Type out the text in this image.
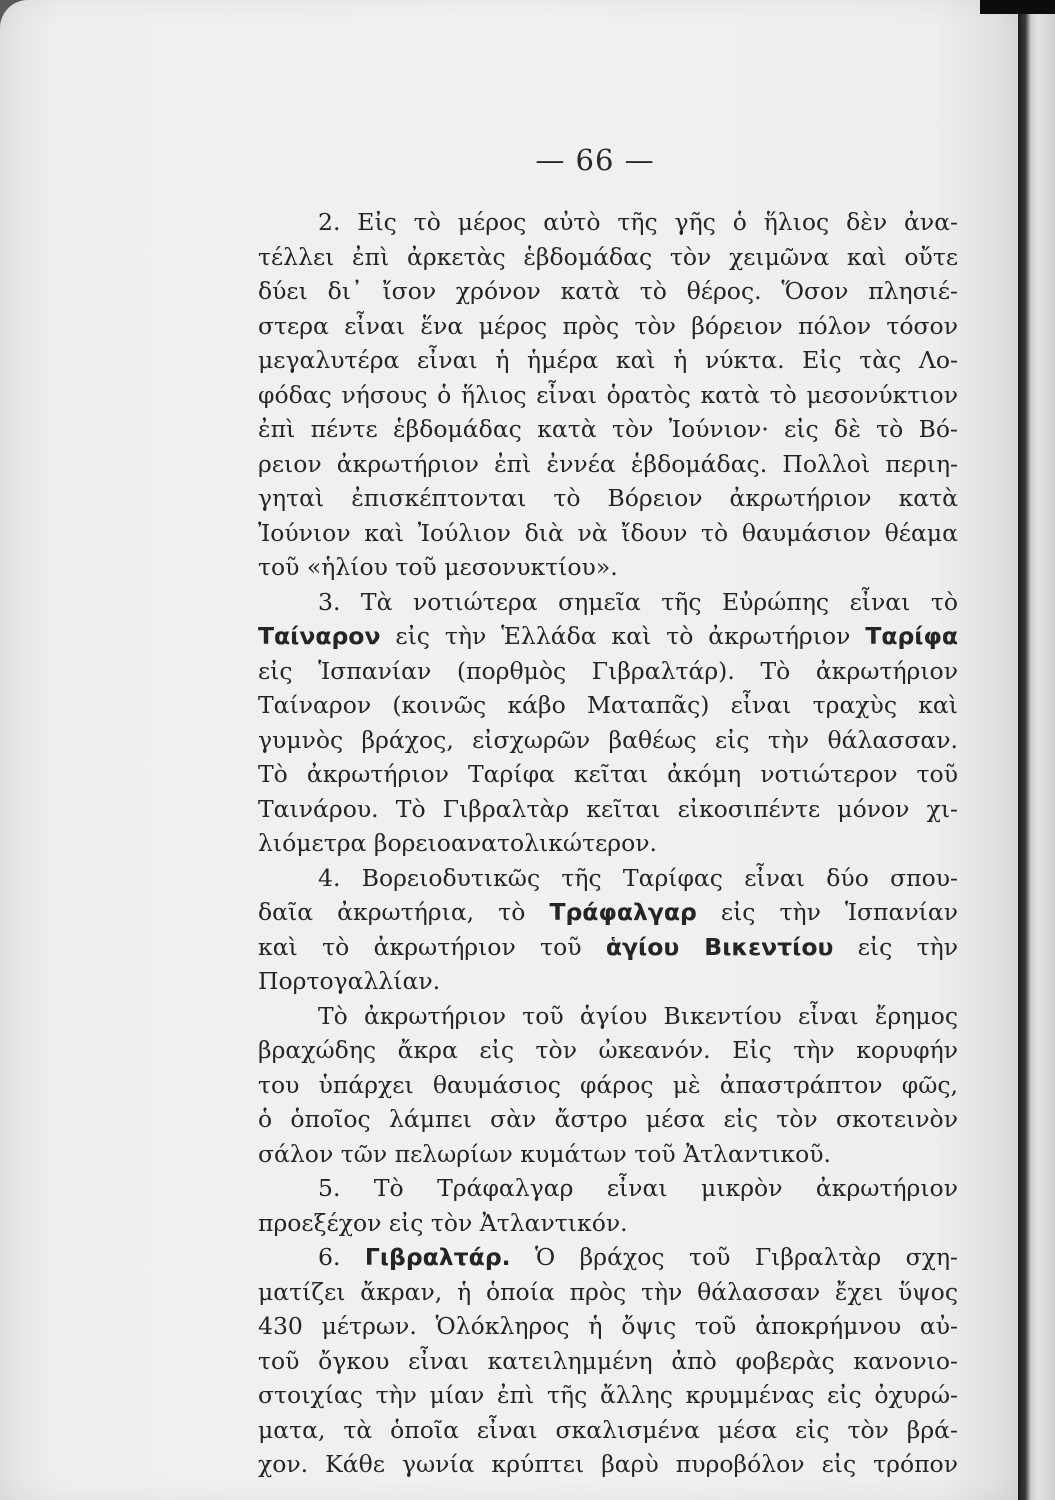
— 66 —
2. Εἰς τὸ μέρος αὐτὸ τῆς γῆς ὁ ἥλιος δὲν ἀνα-
τέλλει ἐπὶ ἀρκετὰς ἑβδομάδας τὸν χειμῶνα καὶ οὔτε
δύει δι᾿ ἴσον χρόνον κατὰ τὸ θέρος. Ὅσον πλησιέ-
στερα εἶναι ἕνα μέρος πρὸς τὸν βόρειον πόλον τόσον
μεγαλυτέρα εἶναι ἡ ἡμέρα καὶ ἡ νύκτα. Εἰς τὰς Λο-
φόδας νήσους ὁ ἥλιος εἶναι ὁρατὸς κατὰ τὸ μεσονύκτιον
ἐπὶ πέντε ἑβδομάδας κατὰ τὸν Ἰούνιον· εἰς δὲ τὸ Βό-
ρειον ἀκρωτήριον ἐπὶ ἐννέα ἑβδομάδας. Πολλοὶ περιη-
γηταὶ ἐπισκέπτονται τὸ Βόρειον ἀκρωτήριον κατὰ
Ἰούνιον καὶ Ἰούλιον διὰ νὰ ἴδουν τὸ θαυμάσιον θέαμα
τοῦ «ἡλίου τοῦ μεσονυκτίου».
3. Τὰ νοτιώτερα σημεῖα τῆς Εὐρώπης εἶναι τὸ
Ταίναρον εἰς τὴν Ἑλλάδα καὶ τὸ ἀκρωτήριον Ταρίφα
εἰς Ἱσπανίαν (πορθμὸς Γιβραλτάρ). Τὸ ἀκρωτήριον
Ταίναρον (κοινῶς κάβο Ματαπᾶς) εἶναι τραχὺς καὶ
γυμνὸς βράχος, εἰσχωρῶν βαθέως εἰς τὴν θάλασσαν.
Τὸ ἀκρωτήριον Ταρίφα κεῖται ἀκόμη νοτιώτερον τοῦ
Ταινάρου. Τὸ Γιβραλτὰρ κεῖται εἰκοσιπέντε μόνον χι-
λιόμετρα βορειοανατολικώτερον.
4. Βορειοδυτικῶς τῆς Ταρίφας εἶναι δύο σπου-
δαῖα ἀκρωτήρια, τὸ Τράφαλγαρ εἰς τὴν Ἱσπανίαν
καὶ τὸ ἀκρωτήριον τοῦ ἁγίου Βικεντίου εἰς τὴν
Πορτογαλλίαν.
Τὸ ἀκρωτήριον τοῦ ἁγίου Βικεντίου εἶναι ἔρημος
βραχώδης ἄκρα εἰς τὸν ὠκεανόν. Εἰς τὴν κορυφήν
του ὑπάρχει θαυμάσιος φάρος μὲ ἀπαστράπτον φῶς,
ὁ ὁποῖος λάμπει σὰν ἄστρο μέσα εἰς τὸν σκοτεινὸν
σάλον τῶν πελωρίων κυμάτων τοῦ Ἀτλαντικοῦ.
5. Τὸ Τράφαλγαρ εἶναι μικρὸν ἀκρωτήριον
προεξέχον εἰς τὸν Ἀτλαντικόν.
6. Γιβραλτάρ. Ὁ βράχος τοῦ Γιβραλτὰρ σχη-
ματίζει ἄκραν, ἡ ὁποία πρὸς τὴν θάλασσαν ἔχει ὕψος
430 μέτρων. Ὁλόκληρος ἡ ὄψις τοῦ ἀποκρήμνου αὐ-
τοῦ ὄγκου εἶναι κατειλημμένη ἀπὸ φοβερὰς κανονιο-
στοιχίας τὴν μίαν ἐπὶ τῆς ἄλλης κρυμμένας εἰς ὀχυρώ-
ματα, τὰ ὁποῖα εἶναι σκαλισμένα μέσα εἰς τὸν βρά-
χον. Κάθε γωνία κρύπτει βαρὺ πυροβόλον εἰς τρόπον
